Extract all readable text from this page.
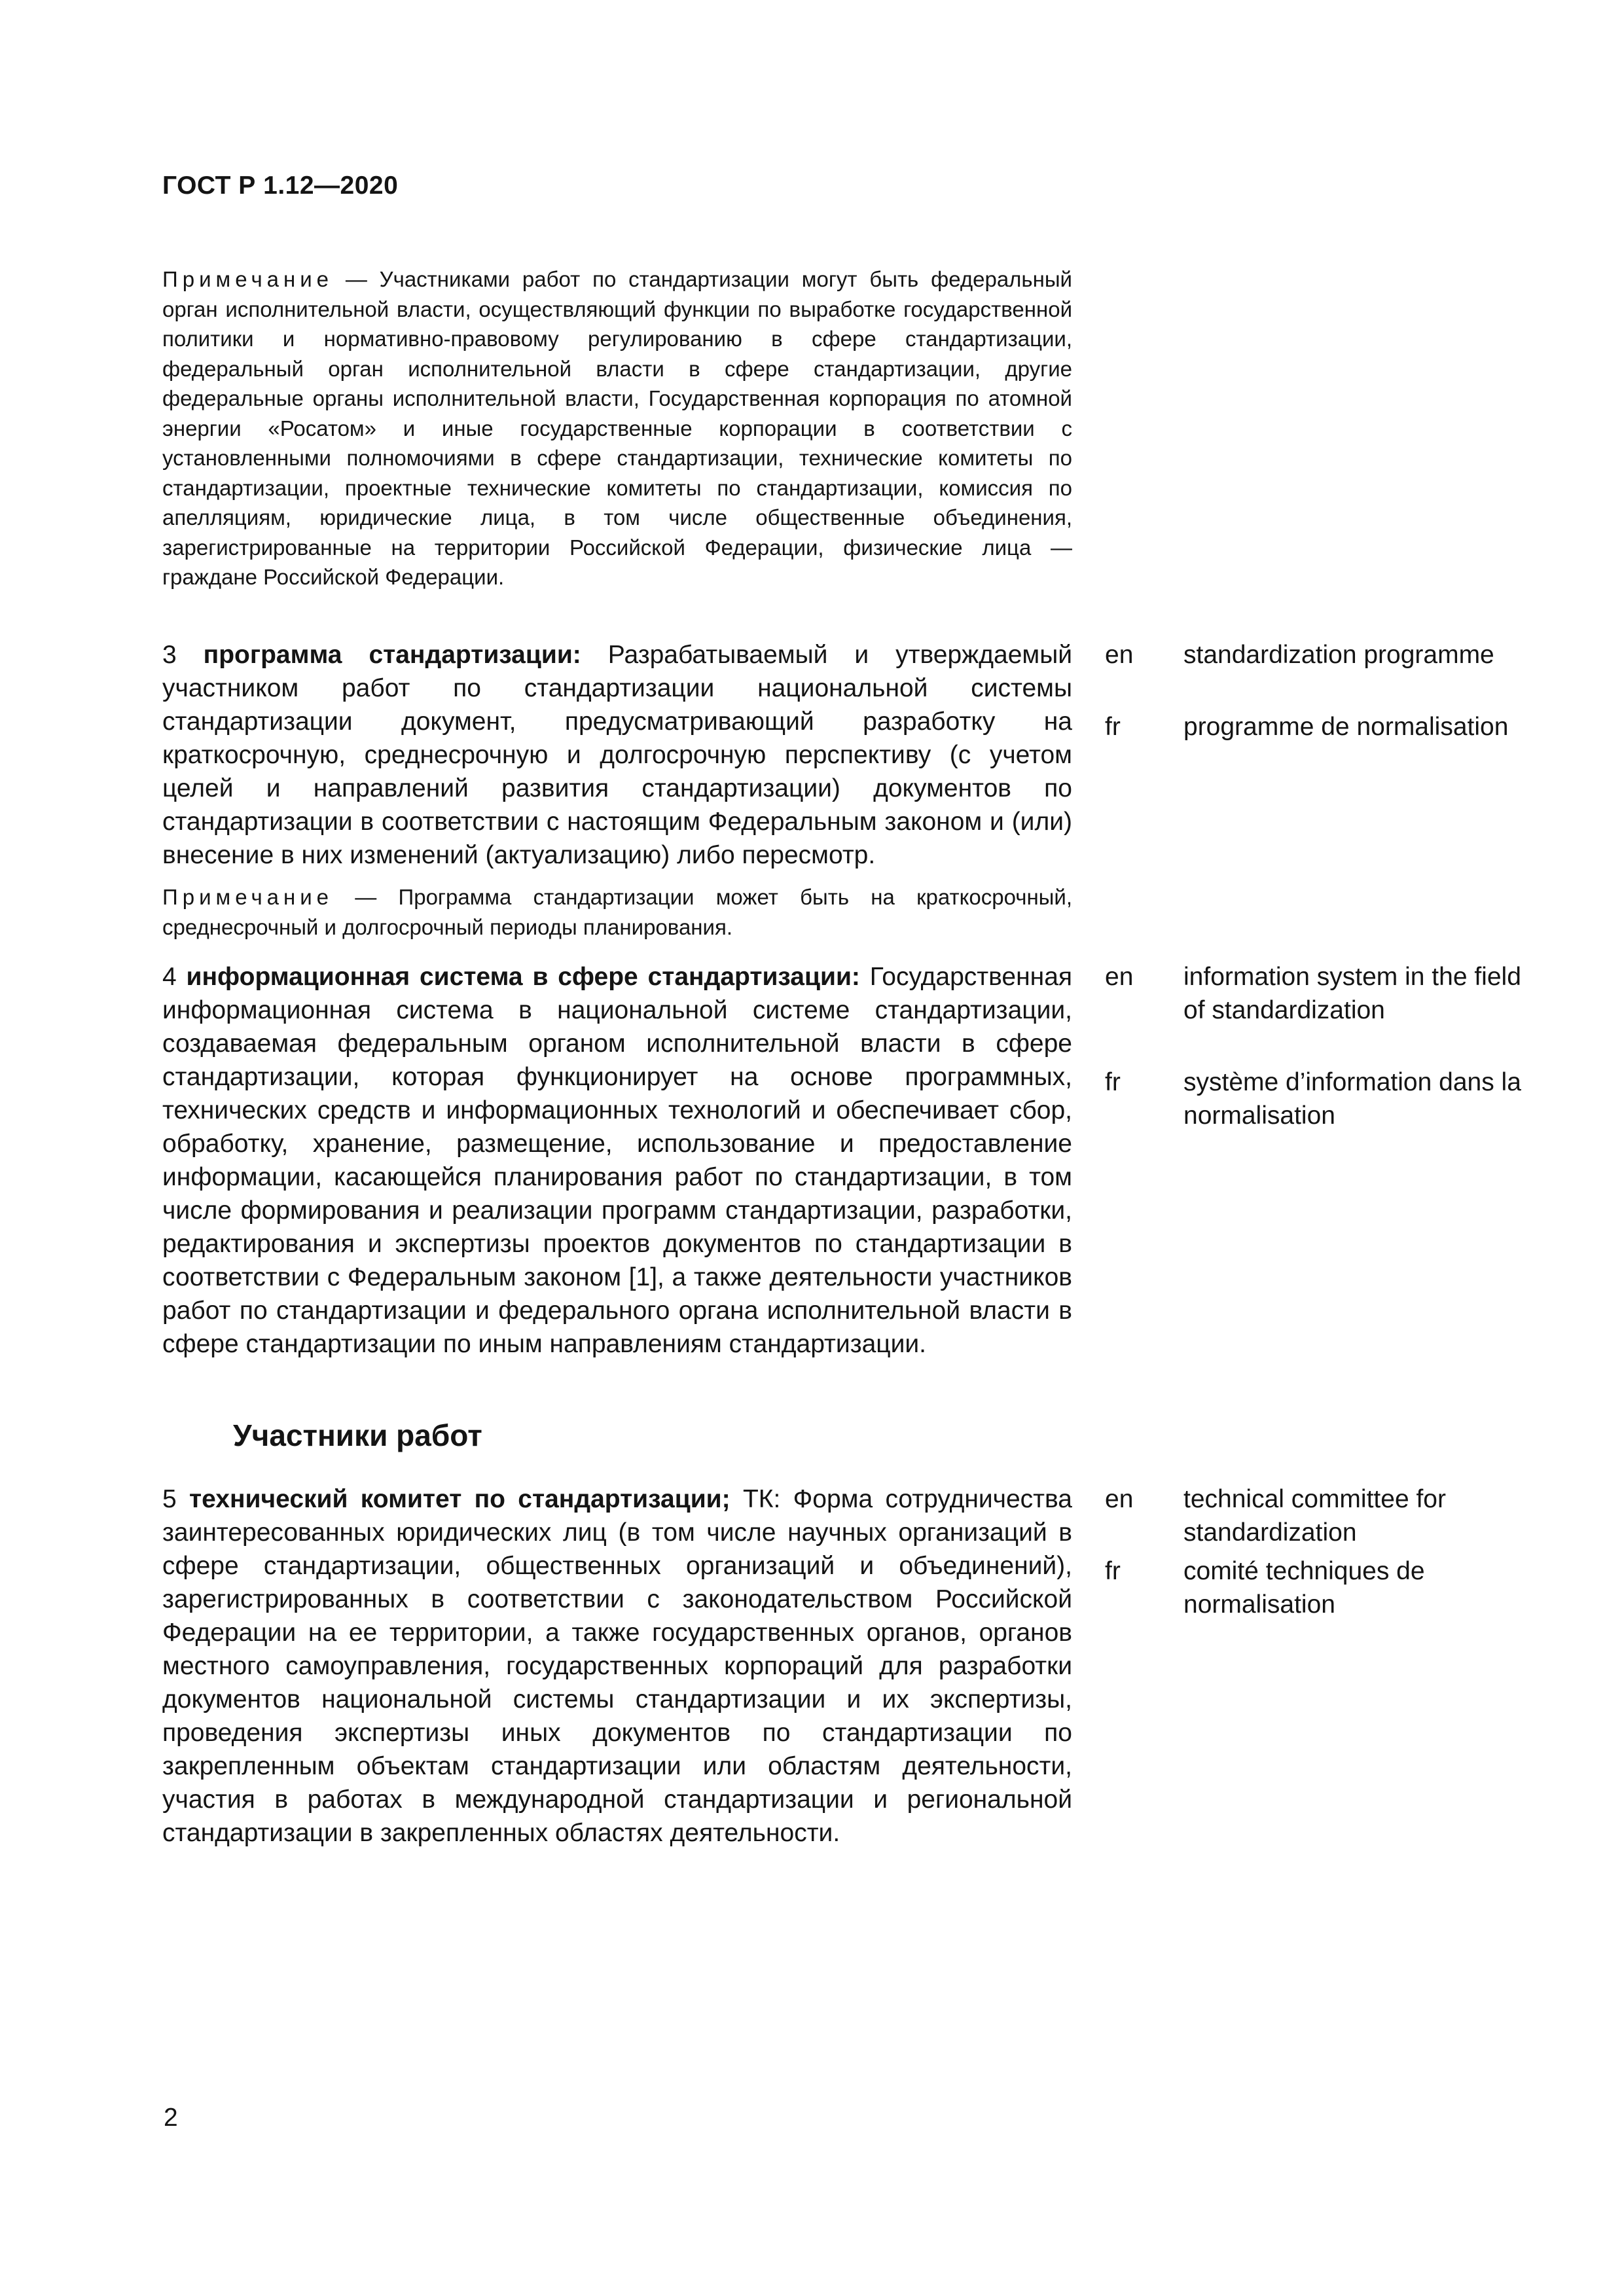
ГОСТ Р 1.12—2020
Примечание — Участниками работ по стандартизации могут быть федеральный орган исполнительной власти, осуществляющий функции по выработке государственной политики и нормативно-правовому регулированию в сфере стандартизации, федеральный орган исполнительной власти в сфере стандартизации, другие федеральные органы исполнительной власти, Государственная корпорация по атомной энергии «Росатом» и иные государственные корпорации в соответствии с установленными полномочиями в сфере стандартизации, технические комитеты по стандартизации, проектные технические комитеты по стандартизации, комиссия по апелляциям, юридические лица, в том числе общественные объединения, зарегистрированные на территории Российской Федерации, физические лица — граждане Российской Федерации.
3 программа стандартизации: Разрабатываемый и утверждаемый участником работ по стандартизации национальной системы стандартизации документ, предусматривающий разработку на краткосрочную, среднесрочную и долгосрочную перспективу (с учетом целей и направлений развития стандартизации) документов по стандартизации в соответствии с настоящим Федеральным законом и (или) внесение в них изменений (актуализацию) либо пересмотр.
en	standardization programme
fr	programme de normalisation
Примечание — Программа стандартизации может быть на краткосрочный, среднесрочный и долгосрочный периоды планирования.
4 информационная система в сфере стандартизации: Государственная информационная система в национальной системе стандартизации, создаваемая федеральным органом исполнительной власти в сфере стандартизации, которая функционирует на основе программных, технических средств и информационных технологий и обеспечивает сбор, обработку, хранение, размещение, использование и предоставление информации, касающейся планирования работ по стандартизации, в том числе формирования и реализации программ стандартизации, разработки, редактирования и экспертизы проектов документов по стандартизации в соответствии с Федеральным законом [1], а также деятельности участников работ по стандартизации и федерального органа исполнительной власти в сфере стандартизации по иным направлениям стандартизации.
en	information system in the field of standardization
fr	système d’information dans la normalisation
Участники работ
5 технический комитет по стандартизации; ТК: Форма сотрудничества заинтересованных юридических лиц (в том числе научных организаций в сфере стандартизации, общественных организаций и объединений), зарегистрированных в соответствии с законодательством Российской Федерации на ее территории, а также государственных органов, органов местного самоуправления, государственных корпораций для разработки документов национальной системы стандартизации и их экспертизы, проведения экспертизы иных документов по стандартизации по закрепленным объектам стандартизации или областям деятельности, участия в работах в международной стандартизации и региональной стандартизации в закрепленных областях деятельности.
en	technical committee for standardization
fr	comité techniques de normalisation
2
